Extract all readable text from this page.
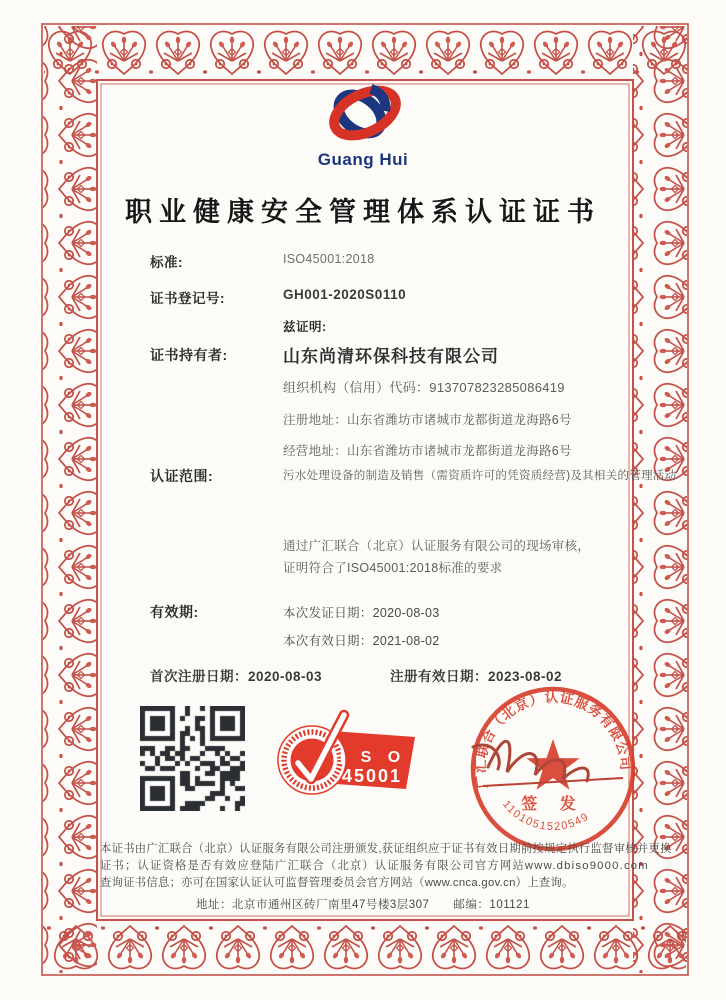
Guang Hui
职业健康安全管理体系认证证书
标准:	ISO45001:2018
证书登记号:	GH001-2020S0110
兹证明:
证书持有者:	山东尚清环保科技有限公司
组织机构（信用）代码：913707823285086419
注册地址：山东省潍坊市诸城市龙都街道龙海路6号
经营地址：山东省潍坊市诸城市龙都街道龙海路6号
认证范围:	污水处理设备的制造及销售（需资质许可的凭资质经营)及其相关的管理活动
通过广汇联合（北京）认证服务有限公司的现场审核，
证明符合了ISO45001:2018标准的要求
有效期:	本次发证日期：2020-08-03
本次有效日期：2021-08-02
首次注册日期：2020-08-03	注册有效日期：2023-08-02
I S O
45001	广汇联合（北京）认证服务有限公司
1101051520549
签 发
本证书由广汇联合（北京）认证服务有限公司注册颁发,获证组织应于证书有效日期前按规定执行监督审核并更换
证书；认证资格是否有效应登陆广汇联合（北京）认证服务有限公司官方网站www.dbiso9000.com
查询证书信息；亦可在国家认证认可监督管理委员会官方网站（www.cnca.gov.cn）上查询。
地址：北京市通州区砖厂南里47号楼3层307　　邮编：101121
